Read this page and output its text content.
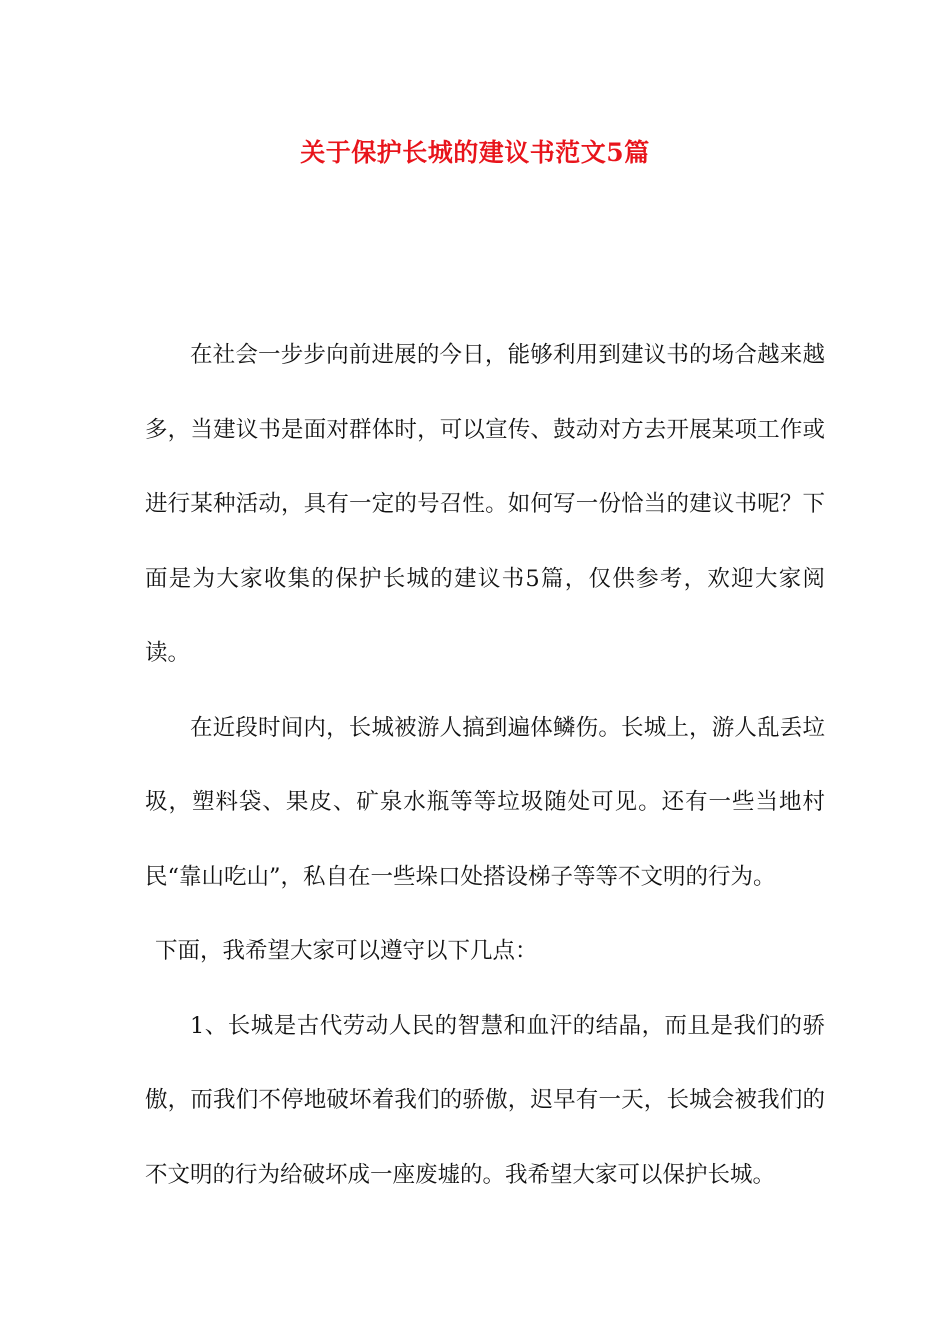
关于保护长城的建议书范文5篇

在社会一步步向前进展的今日，能够利用到建议书的场合越来越多，当建议书是面对群体时，可以宣传、鼓动对方去开展某项工作或进行某种活动，具有一定的号召性。如何写一份恰当的建议书呢？下面是为大家收集的保护长城的建议书5篇，仅供参考，欢迎大家阅读。

在近段时间内，长城被游人搞到遍体鳞伤。长城上，游人乱丢垃圾，塑料袋、果皮、矿泉水瓶等等垃圾随处可见。还有一些当地村民“靠山吃山”，私自在一些垛口处搭设梯子等等不文明的行为。

下面，我希望大家可以遵守以下几点：

1、长城是古代劳动人民的智慧和血汗的结晶，而且是我们的骄傲，而我们不停地破坏着我们的骄傲，迟早有一天，长城会被我们的不文明的行为给破坏成一座废墟的。我希望大家可以保护长城。
